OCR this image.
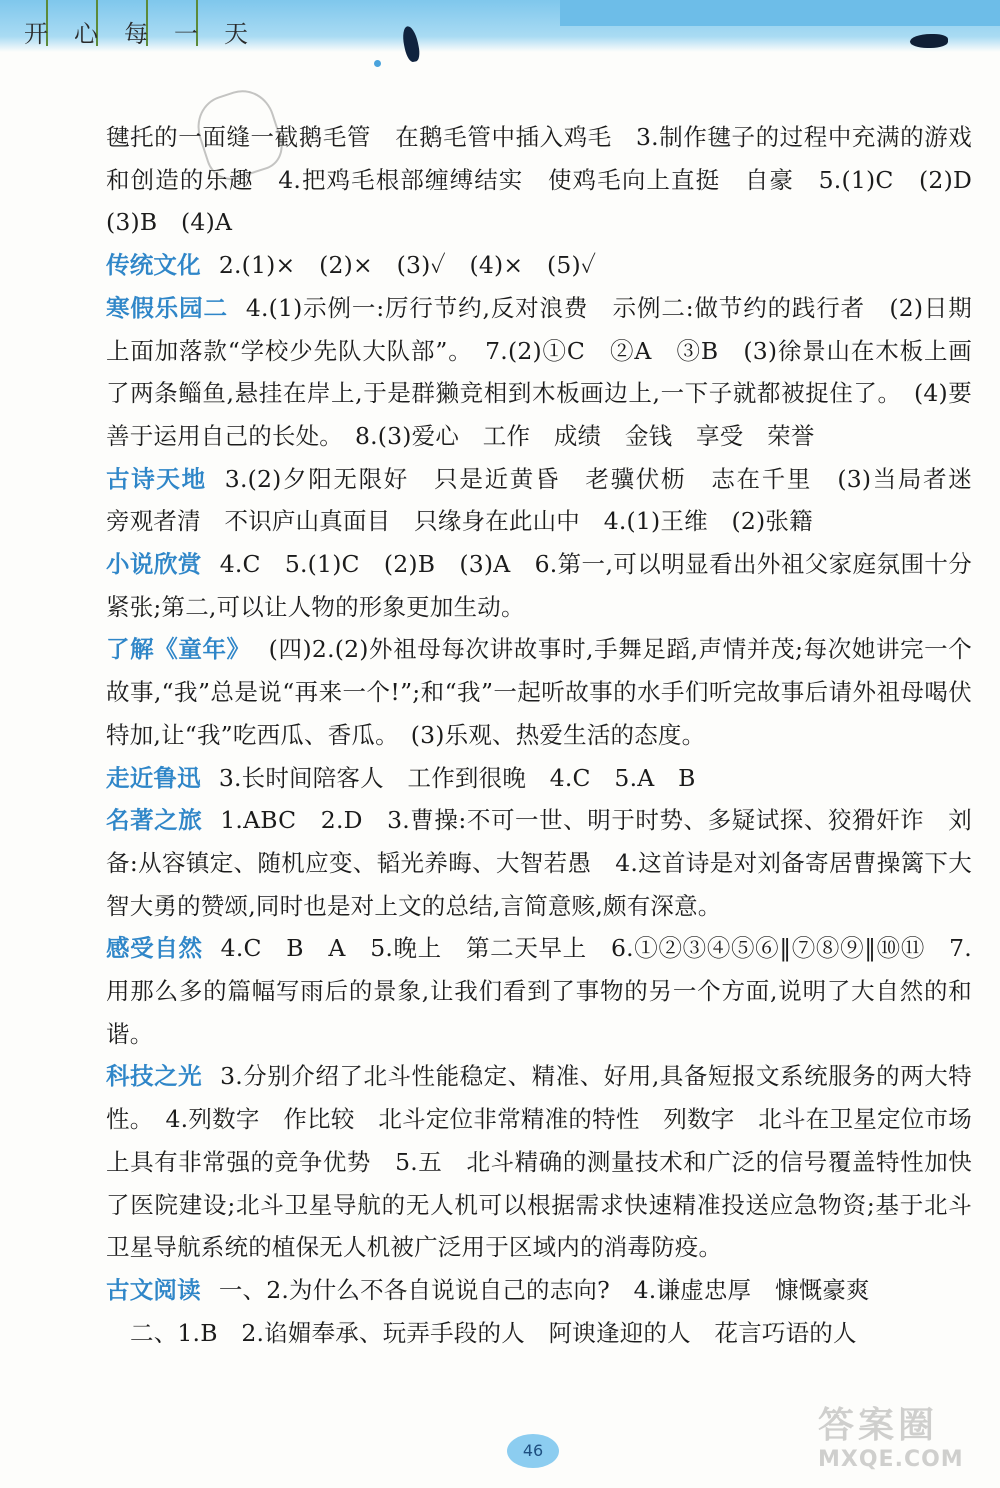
开 心 每 一 天

毽托的一面缝一截鹅毛管　在鹅毛管中插入鸡毛　3.制作毽子的过程中充满的游戏和创造的乐趣　4.把鸡毛根部缠缚结实　使鸡毛向上直挺　自豪　5.(1)C　(2)D　(3)B　(4)A

传统文化 2.(1)×　(2)×　(3)✓　(4)×　(5)✓

寒假乐园二 4.(1)示例一:厉行节约,反对浪费　示例二:做节约的践行者　(2)日期上面加落款“学校少先队大队部”。　7.(2)①C　②A　③B　(3)徐景山在木板上画了两条鲻鱼,悬挂在岸上,于是群獭竞相到木板画边上,一下子就都被捉住了。　(4)要善于运用自己的长处。　8.(3)爱心　工作　成绩　金钱　享受　荣誉

古诗天地 3.(2)夕阳无限好　只是近黄昏　老骥伏枥　志在千里　(3)当局者迷　旁观者清　不识庐山真面目　只缘身在此山中　4.(1)王维　(2)张籍

小说欣赏 4.C　5.(1)C　(2)B　(3)A　6.第一,可以明显看出外祖父家庭氛围十分紧张;第二,可以让人物的形象更加生动。

了解《童年》 (四)2.(2)外祖母每次讲故事时,手舞足蹈,声情并茂;每次她讲完一个故事,“我”总是说“再来一个!”;和“我”一起听故事的水手们听完故事后请外祖母喝伏特加,让“我”吃西瓜、香瓜。　(3)乐观、热爱生活的态度。

走近鲁迅 3.长时间陪客人　工作到很晚　4.C　5.A　B

名著之旅 1.ABC　2.D　3.曹操:不可一世、明于时势、多疑试探、狡猾奸诈　刘备:从容镇定、随机应变、韬光养晦、大智若愚　4.这首诗是对刘备寄居曹操篱下大智大勇的赞颂,同时也是对上文的总结,言简意赅,颇有深意。

感受自然 4.C　B　A　5.晚上　第二天早上　6.①②③④⑤⑥‖⑦⑧⑨‖⑩⑪　7.用那么多的篇幅写雨后的景象,让我们看到了事物的另一个方面,说明了大自然的和谐。

科技之光 3.分别介绍了北斗性能稳定、精准、好用,具备短报文系统服务的两大特性。　4.列数字　作比较　北斗定位非常精准的特性　列数字　北斗在卫星定位市场上具有非常强的竞争优势　5.五　北斗精确的测量技术和广泛的信号覆盖特性加快了医院建设;北斗卫星导航的无人机可以根据需求快速精准投送应急物资;基于北斗卫星导航系统的植保无人机被广泛用于区域内的消毒防疫。

古文阅读 一、2.为什么不各自说说自己的志向?　4.谦虚忠厚　慷慨豪爽

二、1.B　2.谄媚奉承、玩弄手段的人　阿谀逢迎的人　花言巧语的人

46
答案圈
MXQE.COM
